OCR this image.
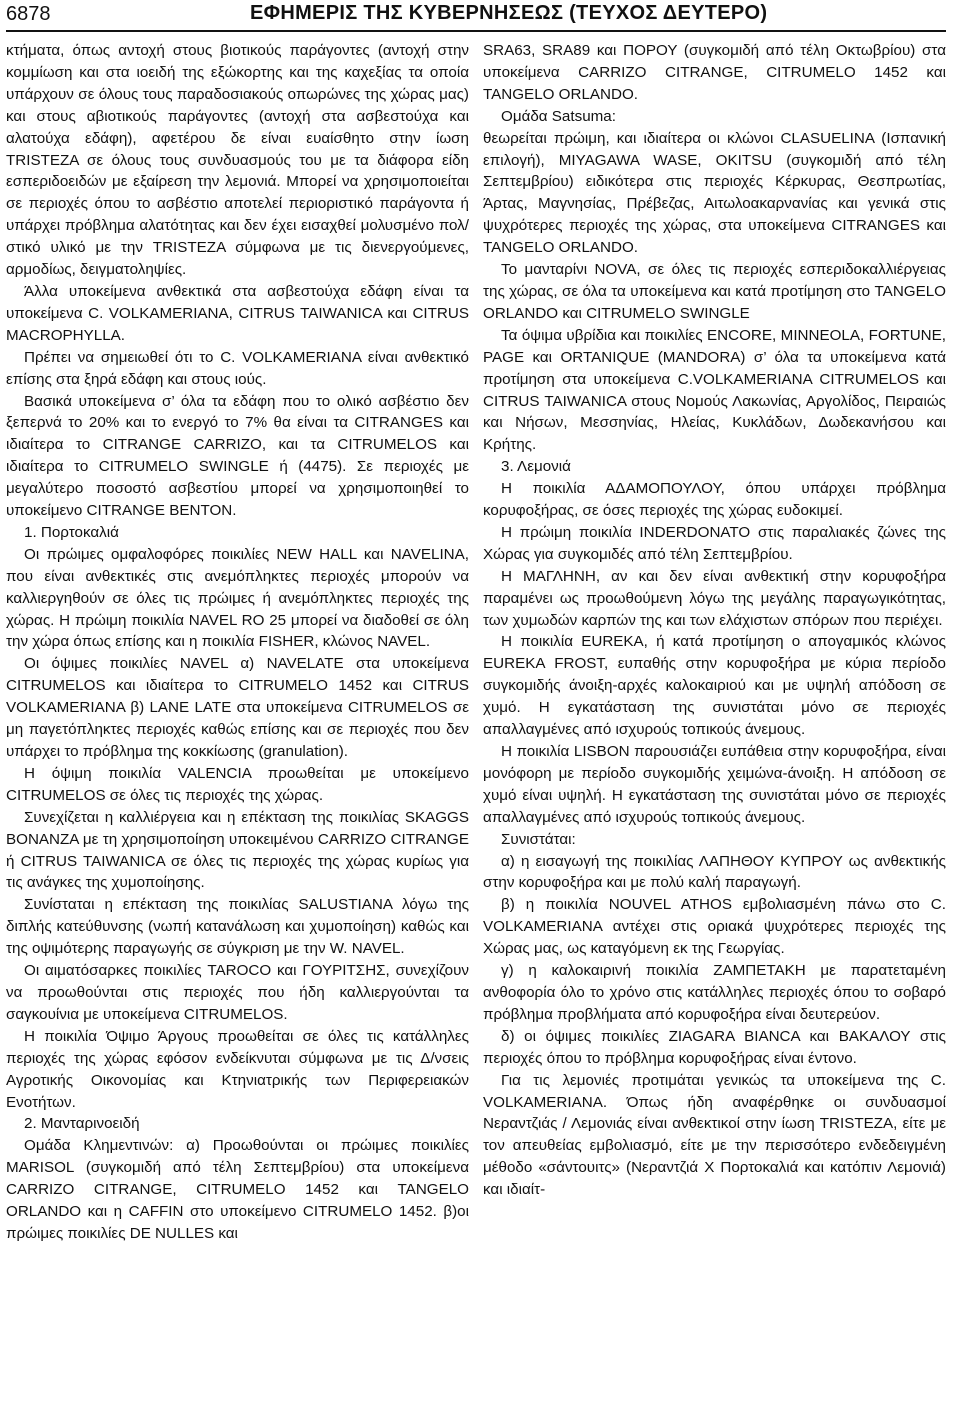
6878	ΕΦΗΜΕΡΙΣ ΤΗΣ ΚΥΒΕΡΝΗΣΕΩΣ (ΤΕΥΧΟΣ ΔΕΥΤΕΡΟ)

κτήματα, όπως αντοχή στους βιοτικούς παράγοντες (αντοχή στην κομμίωση και στα ιοειδή της εξώκορτης και της καχεξίας τα οποία υπάρχουν σε όλους τους παραδοσιακούς οπωρώνες της χώρας μας) και στους αβιοτικούς παράγοντες (αντοχή στα ασβεστούχα και αλατούχα εδάφη), αφετέρου δε είναι ευαίσθητο στην ίωση TRISTEZA σε όλους τους συνδυασμούς του με τα διάφορα είδη εσπεριδοειδών με εξαίρεση την λεμονιά. Μπορεί να χρησιμοποιείται σε περιοχές όπου το ασβέστιο αποτελεί περιοριστικό παράγοντα ή υπάρχει πρόβλημα αλατότητας και δεν έχει εισαχθεί μολυσμένο πολ/στικό υλικό με την TRISTEZA σύμφωνα με τις διενεργούμενες, αρμοδίως, δειγματοληψίες.

Άλλα υποκείμενα ανθεκτικά στα ασβεστούχα εδάφη είναι τα υποκείμενα C. VOLKAMERIANA, CITRUS TAIWANICA και CITRUS MACROPHYLLA.

Πρέπει να σημειωθεί ότι το C. VOLKAMERIANA είναι ανθεκτικό επίσης στα ξηρά εδάφη και στους ιούς.

Βασικά υποκείμενα σ’ όλα τα εδάφη που το ολικό ασβέστιο δεν ξεπερνά το 20% και το ενεργό το 7% θα είναι τα CITRANGES και ιδιαίτερα το CITRANGE CARRIZO, και τα CITRUMELOS και ιδιαίτερα το CITRUMELO SWINGLE ή (4475). Σε περιοχές με μεγαλύτερο ποσοστό ασβεστίου μπορεί να χρησιμοποιηθεί το υποκείμενο CITRANGE BENTON.

1. Πορτοκαλιά

Οι πρώιμες ομφαλοφόρες ποικιλίες NEW HALL και NAVELINA, που είναι ανθεκτικές στις ανεμόπληκτες περιοχές μπορούν να καλλιεργηθούν σε όλες τις πρώιμες ή ανεμόπληκτες περιοχές της χώρας. Η πρώιμη ποικιλία NAVEL RO 25 μπορεί να διαδοθεί σε όλη την χώρα όπως επίσης και η ποικιλία FISHER, κλώνος NAVEL.

Οι όψιμες ποικιλίες NAVEL α) NAVELATE στα υποκείμενα CITRUMELOS και ιδιαίτερα το CITRUMELO 1452 και CITRUS VOLKAMERIANA β) LANE LATE στα υποκείμενα CITRUMELOS σε μη παγετόπληκτες περιοχές καθώς επίσης και σε περιοχές που δεν υπάρχει το πρόβλημα της κοκκίωσης (granulation).

Η όψιμη ποικιλία VALENCIA προωθείται με υποκείμενο CITRUMELOS σε όλες τις περιοχές της χώρας.

Συνεχίζεται η καλλιέργεια και η επέκταση της ποικιλίας SKAGGS BONANZA με τη χρησιμοποίηση υποκειμένου CARRIZO CITRANGE ή CITRUS TAIWANICA σε όλες τις περιοχές της χώρας κυρίως για τις ανάγκες της χυμοποίησης.

Συνίσταται η επέκταση της ποικιλίας SALUSTIANA λόγω της διπλής κατεύθυνσης (νωπή κατανάλωση και χυμοποίηση) καθώς και της οψιμότερης παραγωγής σε σύγκριση με την W. NAVEL.

Οι αιματόσαρκες ποικιλίες TAROCO και ΓΟΥΡΙΤΣΗΣ, συνεχίζουν να προωθούνται στις περιοχές που ήδη καλλιεργούνται τα σαγκουίνια με υποκείμενα CITRUMELOS.

Η ποικιλία Όψιμο Άργους προωθείται σε όλες τις κατάλληλες περιοχές της χώρας εφόσον ενδείκνυται σύμφωνα με τις Δ/νσεις Αγροτικής Οικονομίας και Κτηνιατρικής των Περιφερειακών Ενοτήτων.

2. Μανταρινοειδή

Ομάδα Κλημεντινών: α) Προωθούνται οι πρώιμες ποικιλίες MARISOL (συγκομιδή από τέλη Σεπτεμβρίου) στα υποκείμενα CARRIZO CITRANGE, CITRUMELO 1452 και TANGELO ORLANDO και η CAFFIN στο υποκείμενο CITRUMELO 1452. β)οι πρώιμες ποικιλίες DE NULLES και

SRA63, SRA89 και ΠΟΡΟΥ (συγκομιδή από τέλη Οκτωβρίου) στα υποκείμενα CARRIZO CITRANGE, CITRUMELO 1452 και TANGELO ORLANDO.

Ομάδα Satsuma:

θεωρείται πρώιμη, και ιδιαίτερα οι κλώνοι CLASUELINA (Ισπανική επιλογή), MIYAGAWA WASE, OKITSU (συγκομιδή από τέλη Σεπτεμβρίου) ειδικότερα στις περιοχές Κέρκυρας, Θεσπρωτίας, Άρτας, Μαγνησίας, Πρέβεζας, Αιτωλοακαρνανίας και γενικά στις ψυχρότερες περιοχές της χώρας, στα υποκείμενα CITRANGES και TANGELO ORLANDO.

Το μανταρίνι NOVA, σε όλες τις περιοχές εσπεριδοκαλλιέργειας της χώρας, σε όλα τα υποκείμενα και κατά προτίμηση στο TANGELO ORLANDO και CITRUMELO SWINGLE

Τα όψιμα υβρίδια και ποικιλίες ENCORE, MINNEOLA, FORTUNE, PAGE και ORTANIQUE (MANDORA) σ’ όλα τα υποκείμενα κατά προτίμηση στα υποκείμενα C.VOLKAMERIANA CITRUMELOS και CITRUS TAIWANICA στους Νομούς Λακωνίας, Αργολίδος, Πειραιώς και Νήσων, Μεσσηνίας, Ηλείας, Κυκλάδων, Δωδεκανήσου και Κρήτης.

3. Λεμονιά

Η ποικιλία ΑΔΑΜΟΠΟΥΛΟΥ, όπου υπάρχει πρόβλημα κορυφοξήρας, σε όσες περιοχές της χώρας ευδοκιμεί.

Η πρώιμη ποικιλία INDERDONATO στις παραλιακές ζώνες της Χώρας για συγκομιδές από τέλη Σεπτεμβρίου.

Η ΜΑΓΛΗΝΗ, αν και δεν είναι ανθεκτική στην κορυφοξήρα παραμένει ως προωθούμενη λόγω της μεγάλης παραγωγικότητας, των χυμωδών καρπών της και των ελάχιστων σπόρων που περιέχει.

Η ποικιλία EUREKA, ή κατά προτίμηση ο απογαμικός κλώνος EUREKA FROST, ευπαθής στην κορυφοξήρα με κύρια περίοδο συγκομιδής άνοιξη-αρχές καλοκαιριού και με υψηλή απόδοση σε χυμό. Η εγκατάσταση της συνιστάται μόνο σε περιοχές απαλλαγμένες από ισχυρούς τοπικούς άνεμους.

Η ποικιλία LISBON παρουσιάζει ευπάθεια στην κορυφοξήρα, είναι μονόφορη με περίοδο συγκομιδής χειμώνα-άνοιξη. Η απόδοση σε χυμό είναι υψηλή. Η εγκατάσταση της συνιστάται μόνο σε περιοχές απαλλαγμένες από ισχυρούς τοπικούς άνεμους.

Συνιστάται:

α) η εισαγωγή της ποικιλίας ΛΑΠΗΘΟΥ ΚΥΠΡΟΥ ως ανθεκτικής στην κορυφοξήρα και με πολύ καλή παραγωγή.

β) η ποικιλία NOUVEL ATHOS εμβολιασμένη πάνω στο C. VOLKAMERIANA αντέχει στις οριακά ψυχρότερες περιοχές της Χώρας μας, ως καταγόμενη εκ της Γεωργίας.

γ) η καλοκαιρινή ποικιλία ΖΑΜΠΕΤΑΚΗ με παρατεταμένη ανθοφορία όλο το χρόνο στις κατάλληλες περιοχές όπου το σοβαρό πρόβλημα προβλήματα από κορυφοξήρα είναι δευτερεύον.

δ) οι όψιμες ποικιλίες ZIAGARA BIANCA και ΒΑΚΑΛΟΥ στις περιοχές όπου το πρόβλημα κορυφοξήρας είναι έντονο.

Για τις λεμονιές προτιμάται γενικώς τα υποκείμενα της C. VOLKAMERIANA. Όπως ήδη αναφέρθηκε οι συνδυασμοί Νεραντζιάς / Λεμονιάς είναι ανθεκτικοί στην ίωση TRISTEZA, είτε με τον απευθείας εμβολιασμό, είτε με την περισσότερο ενδεδειγμένη μέθοδο «σάντουιτς» (Νεραντζιά Χ Πορτοκαλιά και κατόπιν Λεμονιά) και ιδιαίτ-
